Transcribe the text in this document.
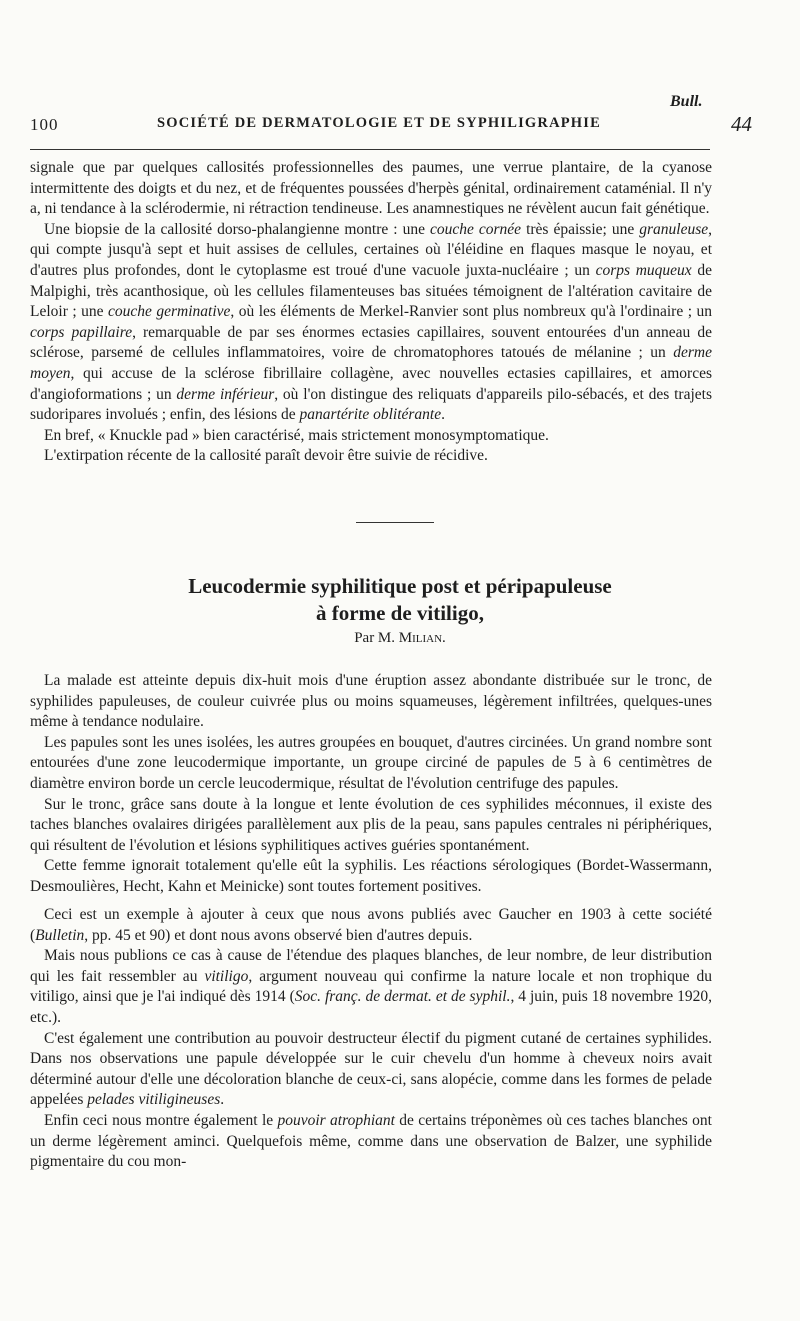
Bull.
100	SOCIÉTÉ DE DERMATOLOGIE ET DE SYPHILIGRAPHIE	44

signale que par quelques callosités professionnelles des paumes, une verrue plantaire, de la cyanose intermittente des doigts et du nez, et de fréquentes poussées d'herpès génital, ordinairement cataménial. Il n'y a, ni tendance à la sclérodermie, ni rétraction tendineuse. Les anamnestiques ne révèlent aucun fait génétique.

Une biopsie de la callosité dorso-phalangienne montre : une couche cornée très épaissie; une granuleuse, qui compte jusqu'à sept et huit assises de cellules, certaines où l'éléidine en flaques masque le noyau, et d'autres plus profondes, dont le cytoplasme est troué d'une vacuole juxta-nucléaire ; un corps muqueux de Malpighi, très acanthosique, où les cellules filamenteuses bas situées témoignent de l'altération cavitaire de Leloir ; une couche germinative, où les éléments de Merkel-Ranvier sont plus nombreux qu'à l'ordinaire ; un corps papillaire, remarquable de par ses énormes ectasies capillaires, souvent entourées d'un anneau de sclérose, parsemé de cellules inflammatoires, voire de chromatophores tatoués de mélanine ; un derme moyen, qui accuse de la sclérose fibrillaire collagène, avec nouvelles ectasies capillaires, et amorces d'angioformations ; un derme inférieur, où l'on distingue des reliquats d'appareils pilo-sébacés, et des trajets sudoripares involués ; enfin, des lésions de panartérite oblitérante.

En bref, « Knuckle pad » bien caractérisé, mais strictement monosymptomatique.

L'extirpation récente de la callosité paraît devoir être suivie de récidive.

Leucodermie syphilitique post et péripapuleuse
à forme de vitiligo,
Par M. Milian.

La malade est atteinte depuis dix-huit mois d'une éruption assez abondante distribuée sur le tronc, de syphilides papuleuses, de couleur cuivrée plus ou moins squameuses, légèrement infiltrées, quelques-unes même à tendance nodulaire.

Les papules sont les unes isolées, les autres groupées en bouquet, d'autres circinées. Un grand nombre sont entourées d'une zone leucodermique importante, un groupe circiné de papules de 5 à 6 centimètres de diamètre environ borde un cercle leucodermique, résultat de l'évolution centrifuge des papules.

Sur le tronc, grâce sans doute à la longue et lente évolution de ces syphilides méconnues, il existe des taches blanches ovalaires dirigées parallèlement aux plis de la peau, sans papules centrales ni périphériques, qui résultent de l'évolution et lésions syphilitiques actives guéries spontanément.

Cette femme ignorait totalement qu'elle eût la syphilis. Les réactions sérologiques (Bordet-Wassermann, Desmoulières, Hecht, Kahn et Meinicke) sont toutes fortement positives.

Ceci est un exemple à ajouter à ceux que nous avons publiés avec Gaucher en 1903 à cette société (Bulletin, pp. 45 et 90) et dont nous avons observé bien d'autres depuis.

Mais nous publions ce cas à cause de l'étendue des plaques blanches, de leur nombre, de leur distribution qui les fait ressembler au vitiligo, argument nouveau qui confirme la nature locale et non trophique du vitiligo, ainsi que je l'ai indiqué dès 1914 (Soc. franç. de dermat. et de syphil., 4 juin, puis 18 novembre 1920, etc.).

C'est également une contribution au pouvoir destructeur électif du pigment cutané de certaines syphilides. Dans nos observations une papule développée sur le cuir chevelu d'un homme à cheveux noirs avait déterminé autour d'elle une décoloration blanche de ceux-ci, sans alopécie, comme dans les formes de pelade appelées pelades vitiligineuses.

Enfin ceci nous montre également le pouvoir atrophiant de certains tréponèmes où ces taches blanches ont un derme légèrement aminci. Quelquefois même, comme dans une observation de Balzer, une syphilide pigmentaire du cou mon-
